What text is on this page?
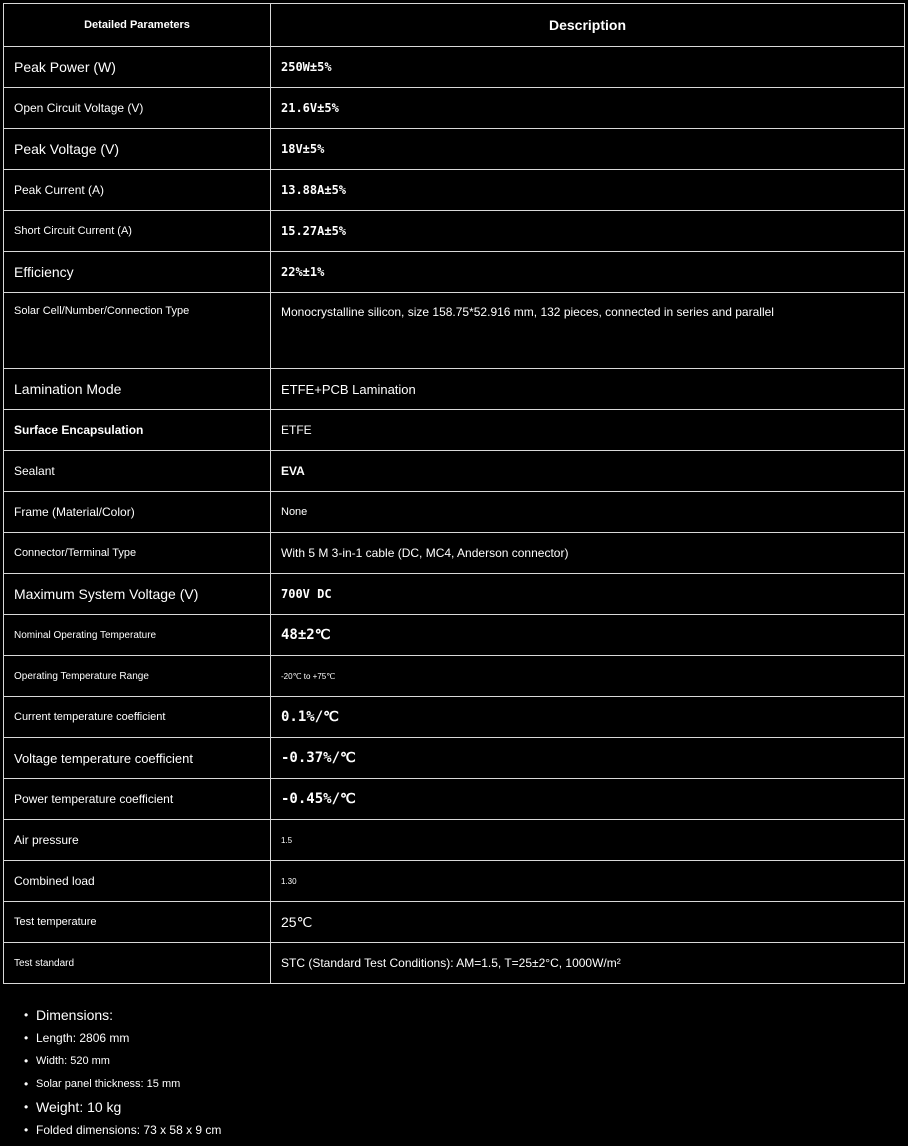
Detailed Parameters	Description
Peak Power (W)	250W±5%
Open Circuit Voltage (V)	21.6V±5%
Peak Voltage (V)	18V±5%
Peak Current (A)	13.88A±5%
Short Circuit Current (A)	15.27A±5%
Efficiency	22%±1%
Solar Cell/Number/Connection Type	Monocrystalline silicon, size 158.75*52.916 mm, 132 pieces, connected in series and parallel
Lamination Mode	ETFE+PCB Lamination
Surface Encapsulation	ETFE
Sealant	EVA
Frame (Material/Color)	None
Connector/Terminal Type	With 5 M 3-in-1 cable (DC, MC4, Anderson connector)
Maximum System Voltage (V)	700V DC
Nominal Operating Temperature	48±2℃
Operating Temperature Range	-20℃ to +75℃
Current temperature coefficient	0.1%/℃
Voltage temperature coefficient	-0.37%/℃
Power temperature coefficient	-0.45%/℃
Air pressure	1.5
Combined load	1.30
Test temperature	25℃
Test standard	STC (Standard Test Conditions): AM=1.5, T=25±2°C, 1000W/m²
• Dimensions:
• Length: 2806 mm
• Width: 520 mm
• Solar panel thickness: 15 mm
• Weight: 10 kg
• Folded dimensions: 73 x 58 x 9 cm
